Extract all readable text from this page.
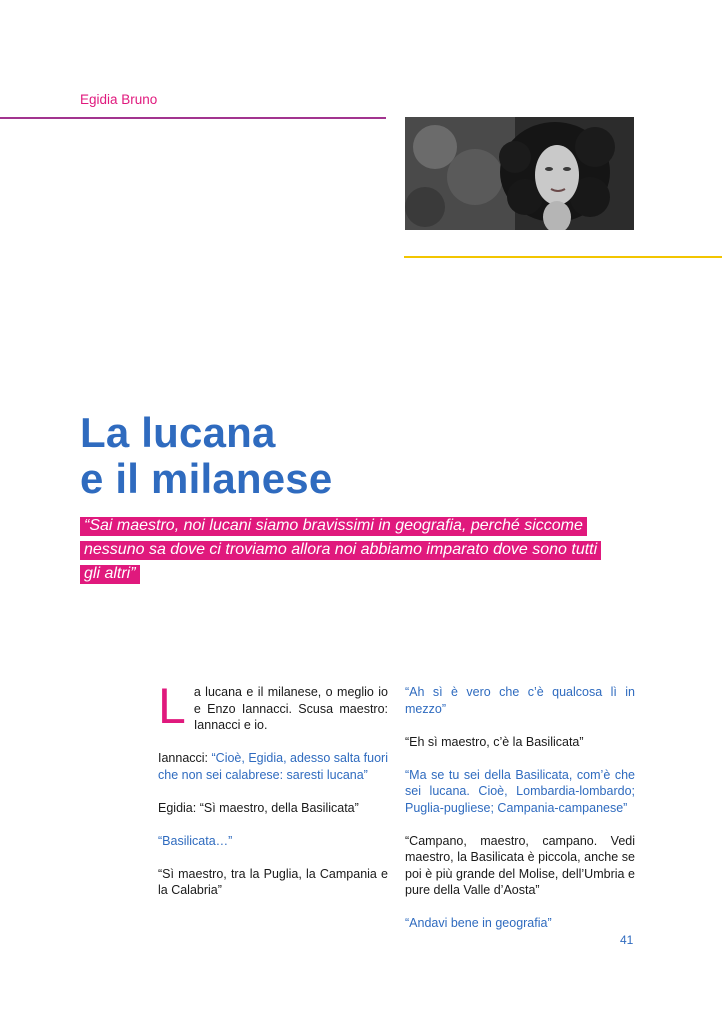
Egidia Bruno
La lucana
e il milanese
“Sai maestro, noi lucani siamo bravissimi in geografia, perché siccome
nessuno sa dove ci troviamo allora noi abbiamo imparato dove sono tutti
gli altri”

La lucana e il milanese, o meglio io e Enzo Iannacci. Scusa maestro: Iannacci e io.

Iannacci: “Cioè, Egidia, adesso salta fuori che non sei calabrese: saresti lucana”

Egidia: “Sì maestro, della Basilicata”

“Basilicata…”

“Sì maestro, tra la Puglia, la Campania e la Calabria”

“Ah sì è vero che c’è qualcosa lì in mezzo”

“Eh sì maestro, c’è la Basilicata”

“Ma se tu sei della Basilicata, com’è che sei lucana. Cioè, Lombardia-lombardo; Puglia-pugliese; Campania-campanese”

“Campano, maestro, campano. Vedi maestro, la Basilicata è piccola, anche se poi è più grande del Molise, dell’Umbria e pure della Valle d’Aosta”

“Andavi bene in geografia”

41
